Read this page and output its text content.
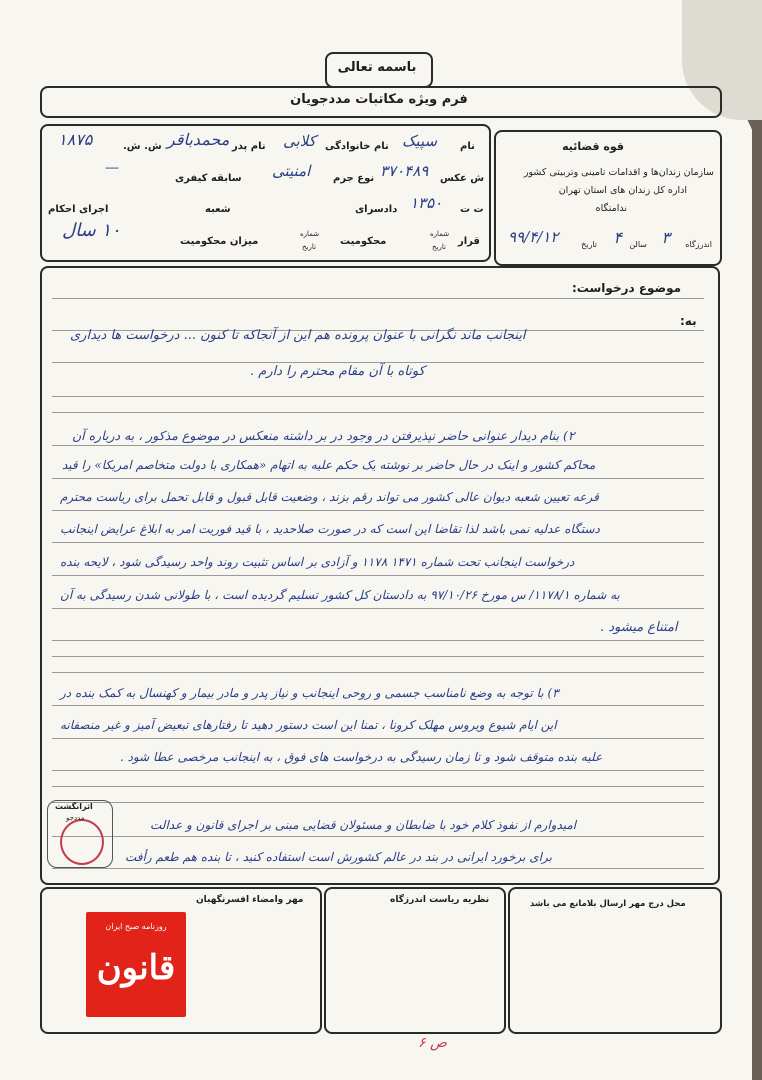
باسمه تعالی
فرم ویژه مکاتبات مددجویان
قوه قضائیه
سازمان زندان‌ها و اقدامات تامینی وتربیتی کشور
اداره کل زندان های استان تهران
ندامتگاه
اندرزگاه
۳
سالن
۴
تاریخ
۹۹/۴/۱۲
نام
سپیک
نام خانوادگی
کلابی
نام پدر
محمدباقر
ش. ش.
۱۸۷۵
ش عکس
۳۷۰۴۸۹
نوع جرم
امنیتی
سابقه کیفری
—
ت ت
۱۳۵۰
دادسرای
شعبه
اجرای احکام
قرار
شماره
تاریخ
محکومیت
شماره
تاریخ
میزان محکومیت
۱۰ سال
موضوع درخواست:
به:
اینجانب ماند نگرانی با عنوان پرونده هم این از آنجاکه تا کنون ... درخواست ها دیداری
کوتاه با آن مقام محترم را دارم .
۲) بنام دیدار عنوانی حاضر نپذیرفتن در وجود در بر داشته منعکس در موضوع مذکور ، به درباره آن
محاکم کشور و اینک در حال حاضر بر نوشته یک حکم علیه به اتهام «همکاری با دولت متخاصم امریکا» را قید
قرعه تعیین شعبه دیوان عالی کشور می تواند رقم بزند ، وضعیت قابل قبول و قابل تحمل برای ریاست محترم
دستگاه عدلیه نمی باشد لذا تقاضا این است که در صورت صلاحدید ، با قید فوریت امر به ابلاغ عرایض اینجانب
درخواست اینجانب تحت شماره ۱۴۷۱ ۱۱۷۸ و آزادی بر اساس تثبیت روند واحد رسیدگی شود ، لایحه بنده
به شماره ۱۱۷۸/۱/ س مورخ ۹۷/۱۰/۲۶ به دادستان کل کشور تسلیم گردیده است ، با طولانی شدن رسیدگی به آن
امتناع میشود .
۳) با توجه به وضع نامناسب جسمی و روحی اینجانب و نیاز پدر و مادر بیمار و کهنسال به کمک بنده در
این ایام شیوع ویروس مهلک کرونا ، تمنا این است دستور دهید تا رفتارهای تبعیض آمیز و غیر منصفانه
علیه بنده متوقف شود و تا زمان رسیدگی به درخواست های فوق ، به اینجانب مرخصی عطا شود .
امیدوارم از نفوذ کلام خود با ضابطان و مسئولان قضایی مبنی بر اجرای قانون و عدالت
برای برخورد ایرانی در بند در عالم کشورش است استفاده کنید ، تا بنده هم طعم رأفت
اثرانگشت
مددجو
مهر وامضاء افسرنگهبان	نظریه ریاست اندرزگاه	محل درج مهر ارسال بلامانع می باشد
روزنامه صبح ایران
قانون
ص ۶
